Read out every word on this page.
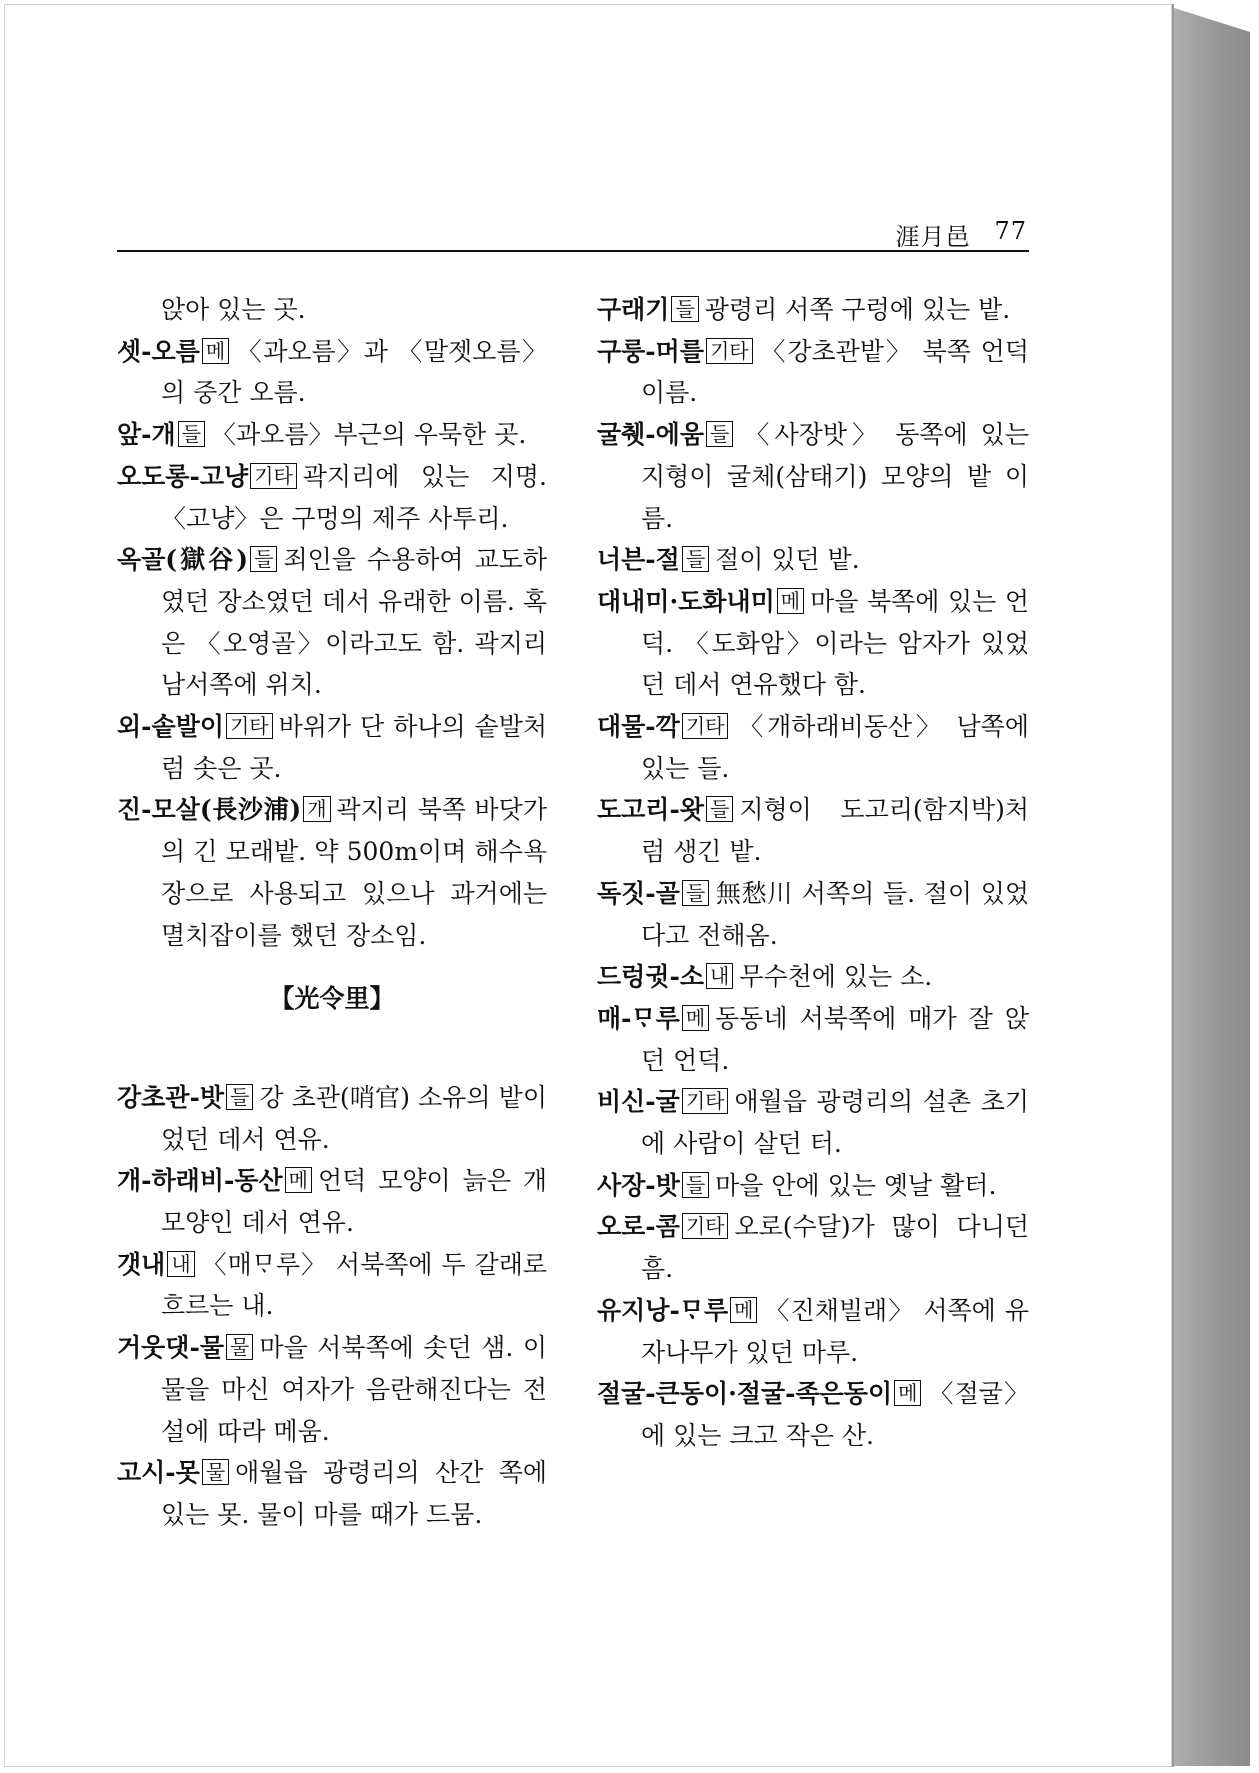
涯月邑 77
앉아 있는 곳.
셋-오름 메 〈과오름〉과 〈말젯오름〉의 중간 오름.
앞-개 들 〈과오름〉부근의 우묵한 곳.
오도롱-고냥 기타 곽지리에 있는 지명. 〈고냥〉은 구멍의 제주 사투리.
옥골(獄谷) 들 죄인을 수용하여 교도하였던 장소였던 데서 유래한 이름. 혹은 〈오영골〉이라고도 함. 곽지리 남서쪽에 위치.
외-솥발이 기타 바위가 단 하나의 솥발처럼 솟은 곳.
진-모살(長沙浦) 개 곽지리 북쪽 바닷가의 긴 모래밭. 약 500m이며 해수욕장으로 사용되고 있으나 과거에는 멸치잡이를 했던 장소임.
【光令里】
강초관-밧 들 강 초관(哨官) 소유의 밭이었던 데서 연유.
개-하래비-동산 메 언덕 모양이 늙은 개 모양인 데서 연유.
갯내 내 〈매ᄆᆞ루〉 서북쪽에 두 갈래로 흐르는 내.
거웃댓-물 물 마을 서북쪽에 솟던 샘. 이 물을 마신 여자가 음란해진다는 전설에 따라 메움.
고시-못 물 애월읍 광령리의 산간 쪽에 있는 못. 물이 마를 때가 드뭄.
구래기 들 광령리 서쪽 구렁에 있는 밭.
구룽-머를 기타 〈강초관밭〉 북쪽 언덕 이름.
굴췟-에움 들 〈사장밧〉 동쪽에 있는 지형이 굴체(삼태기) 모양의 밭 이름.
너븐-절 들 절이 있던 밭.
대내미·도화내미 메 마을 북쪽에 있는 언덕. 〈도화암〉이라는 암자가 있었던 데서 연유했다 함.
대물-깍 기타 〈개하래비동산〉 남쪽에 있는 들.
도고리-왓 들 지형이 도고리(함지박)처럼 생긴 밭.
독짓-골 들 無愁川 서쪽의 들. 절이 있었다고 전해옴.
드렁귓-소 내 무수천에 있는 소.
매-ᄆᆞ루 메 동동네 서북쪽에 매가 잘 앉던 언덕.
비신-굴 기타 애월읍 광령리의 설촌 초기에 사람이 살던 터.
사장-밧 들 마을 안에 있는 옛날 활터.
오로-콤 기타 오로(수달)가 많이 다니던 흠.
유지낭-ᄆᆞ루 메 〈진채빌래〉 서쪽에 유자나무가 있던 마루.
절굴-큰동이·절굴-족은동이 메 〈절굴〉에 있는 크고 작은 산.
